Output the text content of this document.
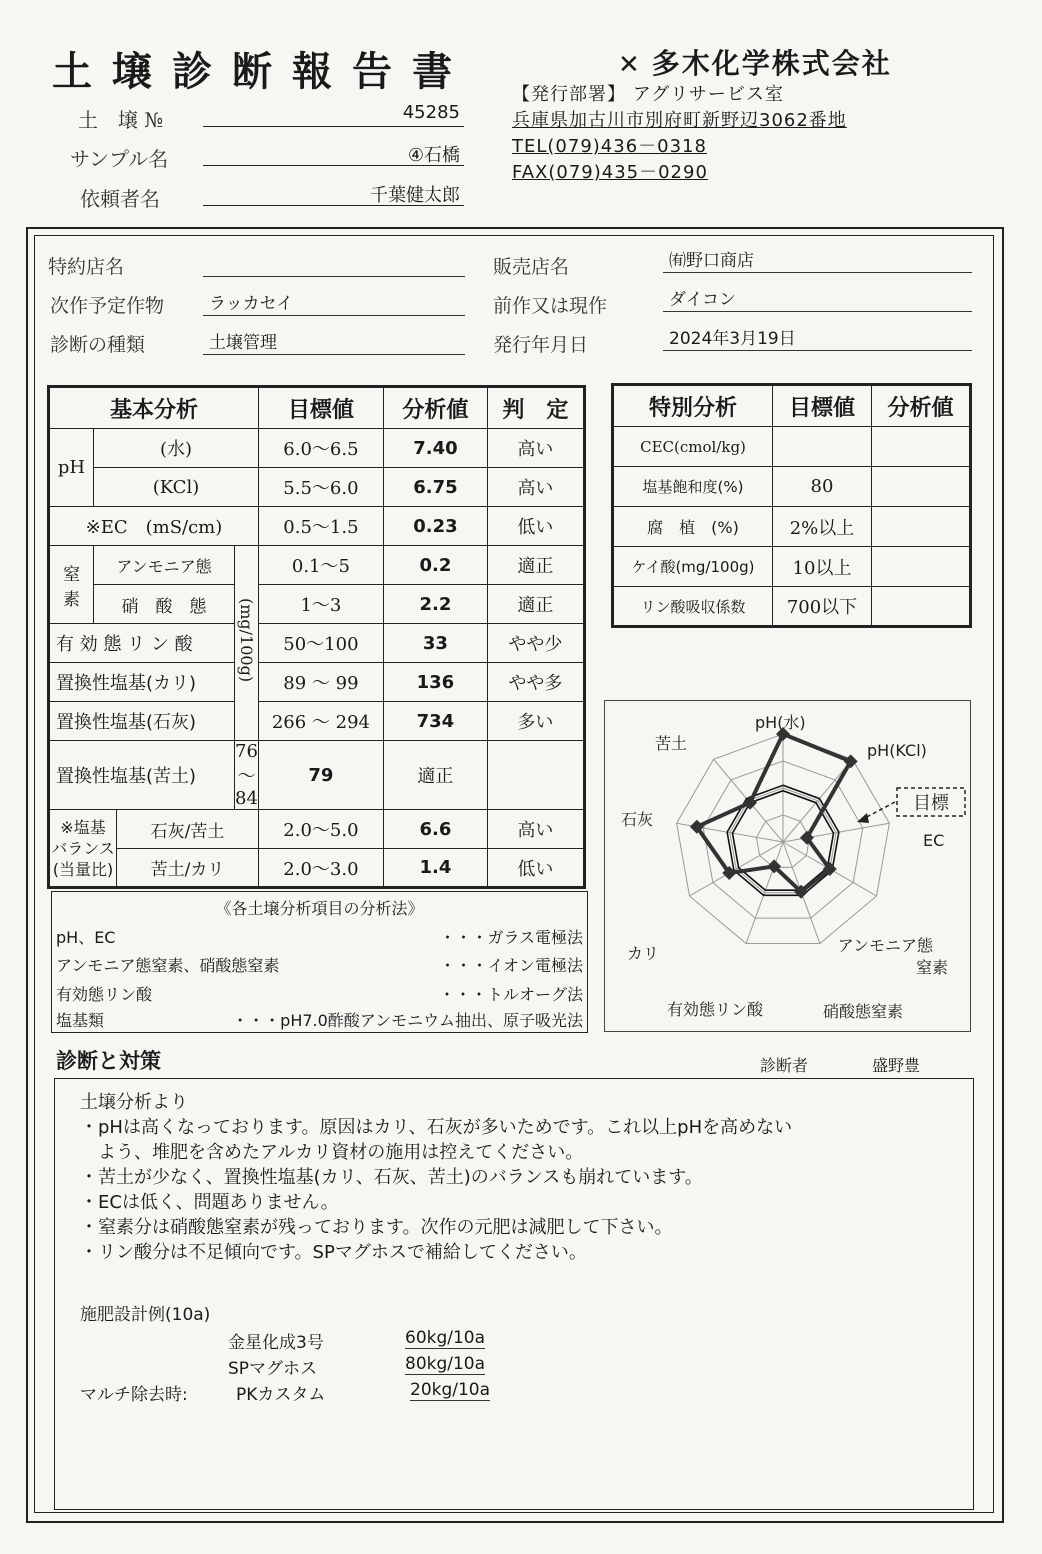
土壌診断報告書	✕ 多木化学株式会社
土　壌 №	45285
サンプル名	④石橋
依頼者名	千葉健太郎
【発行部署】 アグリサービス室
兵庫県加古川市別府町新野辺3062番地
TEL(079)436－0318
FAX(079)435－0290
特約店名	販売店名	㈲野口商店
次作予定作物	ラッカセイ	前作又は現作	ダイコン
診断の種類	土壌管理	発行年月日	2024年3月19日
基本分析				目標値	分析値	判　定
pH	(水)			6.0～6.5	7.40	高い
	(KCl)			5.5～6.0	6.75	高い
※EC　(mS/cm)				0.5～1.5	0.23	低い
窒　素	アンモニア態		(mg/100g)	0.1～5	0.2	適正
	硝　酸　態			1～3	2.2	適正
有 効 態 リ ン 酸				50～100	33	やや少
置換性塩基(カリ)				89 ～ 99	136	やや多
置換性塩基(石灰)				266 ～ 294	734	多い
置換性塩基(苦土)			76 ～ 84	79	適正	
※塩基
バランス
(当量比)		石灰/苦土		2.0～5.0	6.6	高い
		苦土/カリ		2.0～3.0	1.4	低い
特別分析	目標値	分析値
CEC(cmol/kg)		
塩基飽和度(%)	80	
腐　植　(%)	2%以上	
ケイ酸(mg/100g)	10以上	
リン酸吸収係数	700以下	
《各土壌分析項目の分析法》
pH、EC	・・・ガラス電極法
アンモニア態窒素、硝酸態窒素	・・・イオン電極法
有効態リン酸	・・・トルオーグ法
塩基類	・・・pH7.0酢酸アンモニウム抽出、原子吸光法
pH(水)
pH(KCl)
EC
アンモニア態窒素
硝酸態窒素
有効態リン酸
カリ
石灰
苦土
目標
診断と対策	診断者	盛野豊
土壌分析より
・pHは高くなっております。原因はカリ、石灰が多いためです。これ以上pHを高めない
　よう、堆肥を含めたアルカリ資材の施用は控えてください。
・苦土が少なく、置換性塩基(カリ、石灰、苦土)のバランスも崩れています。
・ECは低く、問題ありません。
・窒素分は硝酸態窒素が残っております。次作の元肥は減肥して下さい。
・リン酸分は不足傾向です。SPマグホスで補給してください。
施肥設計例(10a)
金星化成3号	60kg/10a
SPマグホス	80kg/10a
マルチ除去時:	PKカスタム	20kg/10a
